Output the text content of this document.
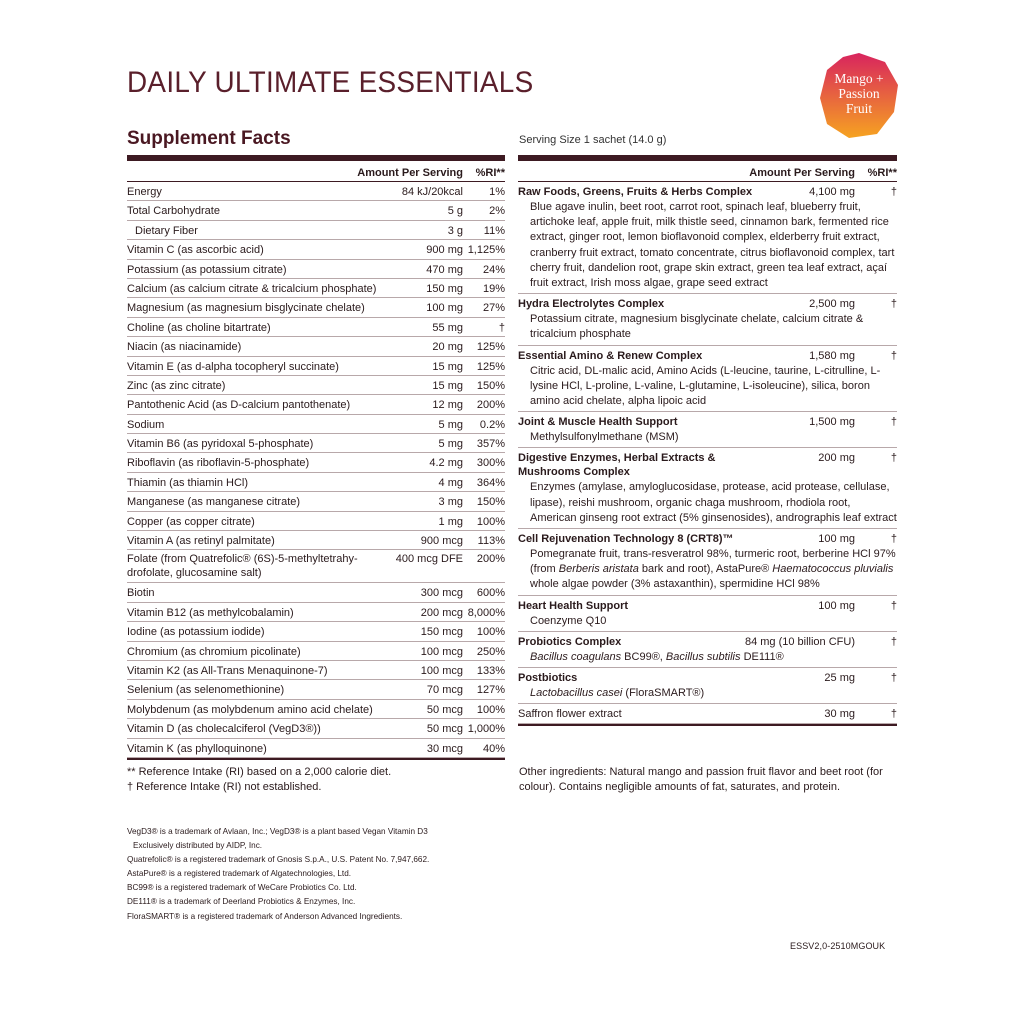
DAILY ULTIMATE ESSENTIALS	Mango +
Passion
Fruit
Supplement Facts	Serving Size 1 sachet (14.0 g)
Amount Per Serving %RI**
Energy	84 kJ/20kcal 1%
Total Carbohydrate	5 g 2%
Dietary Fiber	3 g 11%
Vitamin C (as ascorbic acid)	900 mg 1,125%
Potassium (as potassium citrate)	470 mg 24%
Calcium (as calcium citrate & tricalcium phosphate)	150 mg 19%
Magnesium (as magnesium bisglycinate chelate)	100 mg 27%
Choline (as choline bitartrate)	55 mg	†
Niacin (as niacinamide)	20 mg 125%
Vitamin E (as d-alpha tocopheryl succinate)	15 mg 125%
Zinc (as zinc citrate)	15 mg 150%
Pantothenic Acid (as D-calcium pantothenate)	12 mg 200%
Sodium	5 mg 0.2%
Vitamin B6 (as pyridoxal 5-phosphate)	5 mg 357%
Riboflavin (as riboflavin-5-phosphate)	4.2 mg 300%
Thiamin (as thiamin HCl)	4 mg 364%
Manganese (as manganese citrate)	3 mg 150%
Copper (as copper citrate)	1 mg 100%
Vitamin A (as retinyl palmitate)	900 mcg 113%
Folate (from Quatrefolic® (6S)-5-methyltetrahy-drofolate, glucosamine salt)
400 mcg DFE 200%
Biotin	300 mcg 600%
Vitamin B12 (as methylcobalamin)	200 mcg 8,000%
Iodine (as potassium iodide)	150 mcg 100%
Chromium (as chromium picolinate)	100 mcg 250%
Vitamin K2 (as All-Trans Menaquinone-7)	100 mcg 133%
Selenium (as selenomethionine)	70 mcg 127%
Molybdenum (as molybdenum amino acid chelate)	50 mcg 100%
Vitamin D (as cholecalciferol (VegD3®))	50 mcg 1,000%
Vitamin K (as phylloquinone)	30 mcg 40%
Amount Per Serving %RI**
Raw Foods, Greens, Fruits & Herbs Complex	4,100 mg	†
Blue agave inulin, beet root, carrot root, spinach leaf, blueberry fruit, artichoke leaf, apple fruit, milk thistle seed, cinnamon bark, fermented rice extract, ginger root, lemon bioflavonoid complex, elderberry fruit extract, cranberry fruit extract, tomato concentrate, citrus bioflavonoid complex, tart cherry fruit, dandelion root, grape skin extract, green tea leaf extract, açaí fruit extract, Irish moss algae, grape seed extract
Hydra Electrolytes Complex	2,500 mg	†
Potassium citrate, magnesium bisglycinate chelate, calcium citrate & tricalcium phosphate
Essential Amino & Renew Complex	1,580 mg	†
Citric acid, DL-malic acid, Amino Acids (L-leucine, taurine, L-citrulline, L-lysine HCl, L-proline, L-valine, L-glutamine, L-isoleucine), silica, boron amino acid chelate, alpha lipoic acid
Joint & Muscle Health Support	1,500 mg	†
Methylsulfonylmethane (MSM)
Digestive Enzymes, Herbal Extracts & Mushrooms Complex
200 mg	†
Enzymes (amylase, amyloglucosidase, protease, acid protease, cellulase, lipase), reishi mushroom, organic chaga mushroom, rhodiola root, American ginseng root extract (5% ginsenosides), andrographis leaf extract
Cell Rejuvenation Technology 8 (CRT8)™	100 mg	†
Pomegranate fruit, trans-resveratrol 98%, turmeric root, berberine HCl 97% (from Berberis aristata bark and root), AstaPure® Haematococcus pluvialis whole algae powder (3% astaxanthin), spermidine HCl 98%
Heart Health Support	100 mg	†
Coenzyme Q10
Probiotics Complex	84 mg (10 billion CFU)	†
Bacillus coagulans BC99®, Bacillus subtilis DE111®
Postbiotics	25 mg	†
Lactobacillus casei (FloraSMART®)
Saffron flower extract	30 mg	†
** Reference Intake (RI) based on a 2,000 calorie diet.
† Reference Intake (RI) not established.
Other ingredients: Natural mango and passion fruit flavor and beet root (for colour). Contains negligible amounts of fat, saturates, and protein.
VegD3® is a trademark of Avlaan, Inc.; VegD3® is a plant based Vegan Vitamin D3
Exclusively distributed by AIDP, Inc.
Quatrefolic® is a registered trademark of Gnosis S.p.A., U.S. Patent No. 7,947,662.
AstaPure® is a registered trademark of Algatechnologies, Ltd.
BC99® is a registered trademark of WeCare Probiotics Co. Ltd.
DE111® is a trademark of Deerland Probiotics & Enzymes, Inc.
FloraSMART® is a registered trademark of Anderson Advanced Ingredients.
ESSV2,0-2510MGOUK
